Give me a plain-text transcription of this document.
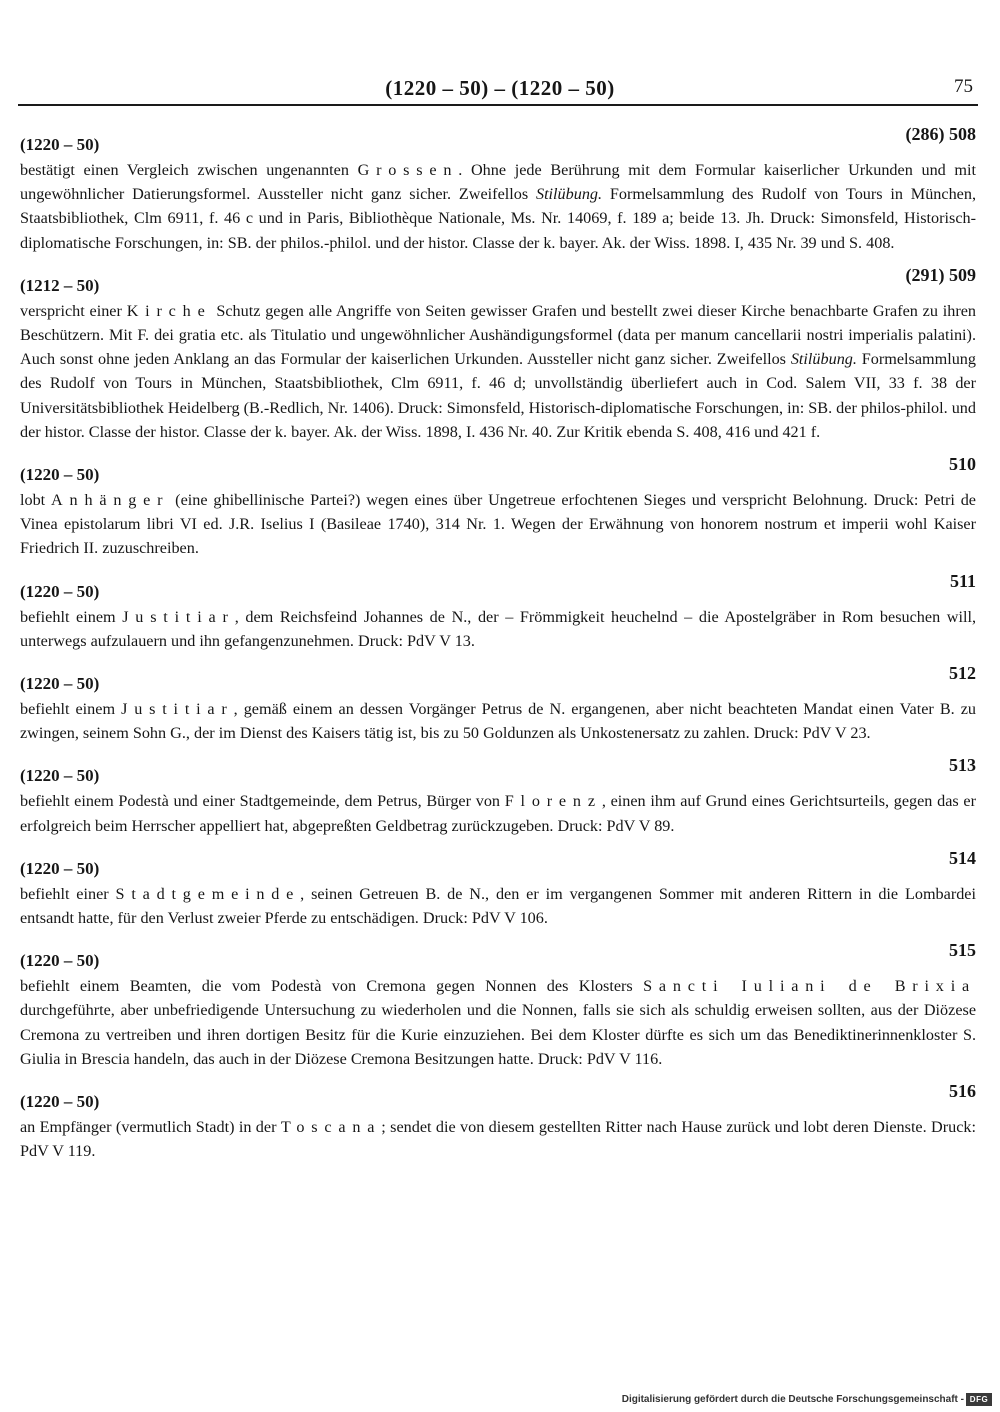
(1220 – 50) – (1220 – 50)	75
(1220 – 50)
(286) 508

bestätigt einen Vergleich zwischen ungenannten Grossen. Ohne jede Berührung mit dem Formular kaiserlicher Urkunden und mit ungewöhnlicher Datierungsformel. Aussteller nicht ganz sicher. Zweifellos Stilübung. Formelsammlung des Rudolf von Tours in München, Staatsbibliothek, Clm 6911, f. 46 c und in Paris, Bibliothèque Nationale, Ms. Nr. 14069, f. 189 a; beide 13. Jh. Druck: Simonsfeld, Historisch-diplomatische Forschungen, in: SB. der philos.-philol. und der histor. Classe der k. bayer. Ak. der Wiss. 1898. I, 435 Nr. 39 und S. 408.

(1212 – 50)
(291) 509

verspricht einer Kirche Schutz gegen alle Angriffe von Seiten gewisser Grafen und bestellt zwei dieser Kirche benachbarte Grafen zu ihren Beschützern. Mit F. dei gratia etc. als Titulatio und ungewöhnlicher Aushändigungsformel (data per manum cancellarii nostri imperialis palatini). Auch sonst ohne jeden Anklang an das Formular der kaiserlichen Urkunden. Aussteller nicht ganz sicher. Zweifellos Stilübung. Formelsammlung des Rudolf von Tours in München, Staatsbibliothek, Clm 6911, f. 46 d; unvollständig überliefert auch in Cod. Salem VII, 33 f. 38 der Universitätsbibliothek Heidelberg (B.-Redlich, Nr. 1406). Druck: Simonsfeld, Historisch-diplomatische Forschungen, in: SB. der philos-philol. und der histor. Classe der histor. Classe der k. bayer. Ak. der Wiss. 1898, I. 436 Nr. 40. Zur Kritik ebenda S. 408, 416 und 421 f.

(1220 – 50)
510

lobt Anhänger (eine ghibellinische Partei?) wegen eines über Ungetreue erfochtenen Sieges und verspricht Belohnung. Druck: Petri de Vinea epistolarum libri VI ed. J.R. Iselius I (Basileae 1740), 314 Nr. 1. Wegen der Erwähnung von honorem nostrum et imperii wohl Kaiser Friedrich II. zuzuschreiben.

(1220 – 50)
511

befiehlt einem Justitiar, dem Reichsfeind Johannes de N., der – Frömmigkeit heuchelnd – die Apostelgräber in Rom besuchen will, unterwegs aufzulauern und ihn gefangenzunehmen. Druck: PdV V 13.

(1220 – 50)
512

befiehlt einem Justitiar, gemäß einem an dessen Vorgänger Petrus de N. ergangenen, aber nicht beachteten Mandat einen Vater B. zu zwingen, seinem Sohn G., der im Dienst des Kaisers tätig ist, bis zu 50 Goldunzen als Unkostenersatz zu zahlen. Druck: PdV V 23.

(1220 – 50)
513

befiehlt einem Podestà und einer Stadtgemeinde, dem Petrus, Bürger von Florenz, einen ihm auf Grund eines Gerichtsurteils, gegen das er erfolgreich beim Herrscher appelliert hat, abgepreßten Geldbetrag zurückzugeben. Druck: PdV V 89.

(1220 – 50)
514

befiehlt einer Stadtgemeinde, seinen Getreuen B. de N., den er im vergangenen Sommer mit anderen Rittern in die Lombardei entsandt hatte, für den Verlust zweier Pferde zu entschädigen. Druck: PdV V 106.

(1220 – 50)
515

befiehlt einem Beamten, die vom Podestà von Cremona gegen Nonnen des Klosters Sancti Iuliani de Brixia durchgeführte, aber unbefriedigende Untersuchung zu wiederholen und die Nonnen, falls sie sich als schuldig erweisen sollten, aus der Diözese Cremona zu vertreiben und ihren dortigen Besitz für die Kurie einzuziehen. Bei dem Kloster dürfte es sich um das Benediktinerinnenkloster S. Giulia in Brescia handeln, das auch in der Diözese Cremona Besitzungen hatte. Druck: PdV V 116.

(1220 – 50)
516

an Empfänger (vermutlich Stadt) in der Toscana; sendet die von diesem gestellten Ritter nach Hause zurück und lobt deren Dienste. Druck: PdV V 119.

Digitalisierung gefördert durch die Deutsche Forschungsgemeinschaft - DFG
